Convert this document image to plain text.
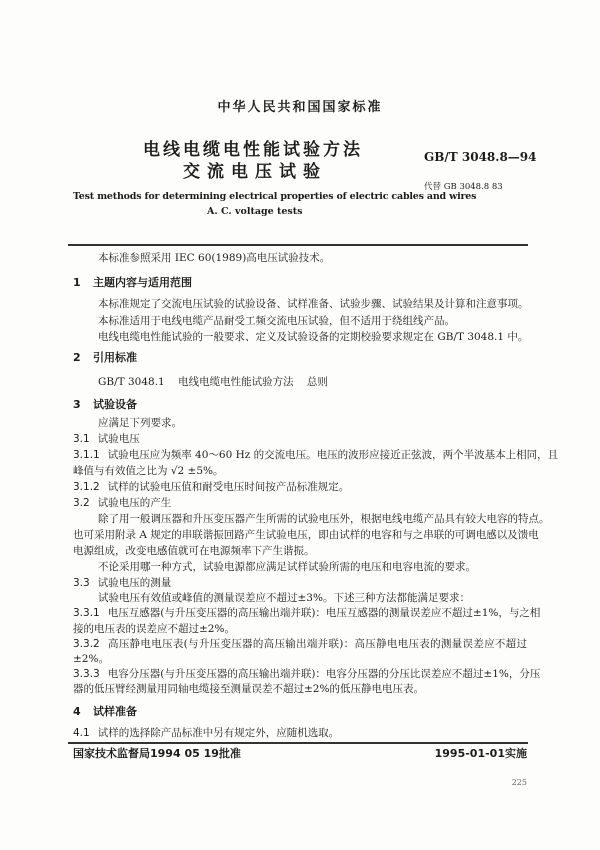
中华人民共和国国家标准
电线电缆电性能试验方法
交流电压试验
GB/T 3048.8—94
代替 GB 3048.8 83
Test methods for determining electrical properties of electric cables and wires
A. C. voltage tests
本标准参照采用 IEC 60(1989)高电压试验技术。
1 主题内容与适用范围
本标准规定了交流电压试验的试验设备、试样准备、试验步骤、试验结果及计算和注意事项。
本标准适用于电线电缆产品耐受工频交流电压试验，但不适用于绕组线产品。
电线电缆电性能试验的一般要求、定义及试验设备的定期校验要求规定在 GB/T 3048.1 中。
2 引用标准
GB/T 3048.1    电线电缆电性能试验方法    总则
3 试验设备
应满足下列要求。
3.1 试验电压
3.1.1 试验电压应为频率 40～60 Hz 的交流电压。电压的波形应接近正弦波，两个半波基本上相同，且
峰值与有效值之比为 √2 ±5%。
3.1.2 试样的试验电压值和耐受电压时间按产品标准规定。
3.2 试验电压的产生
除了用一般调压器和升压变压器产生所需的试验电压外，根据电线电缆产品具有较大电容的特点。
也可采用附录 A 规定的串联谐振回路产生试验电压，即由试样的电容和与之串联的可调电感以及馈电
电源组成，改变电感值就可在电源频率下产生谐振。
不论采用哪一种方式，试验电源都应满足试样试验所需的电压和电容电流的要求。
3.3 试验电压的测量
试验电压有效值或峰值的测量误差应不超过±3%。下述三种方法都能满足要求：
3.3.1 电压互感器(与升压变压器的高压输出端并联)：电压互感器的测量误差应不超过±1%，与之相
接的电压表的误差应不超过±2%。
3.3.2 高压静电电压表(与升压变压器的高压输出端并联)：高压静电电压表的测量误差应不超过
±2%。
3.3.3 电容分压器(与升压变压器的高压输出端并联)：电容分压器的分压比误差应不超过±1%，分压
器的低压臂经测量用同轴电缆接至测量误差不超过±2%的低压静电电压表。
4 试样准备
4.1 试样的选择除产品标准中另有规定外，应随机选取。
国家技术监督局1994 05 19批准	1995-01-01实施
225
